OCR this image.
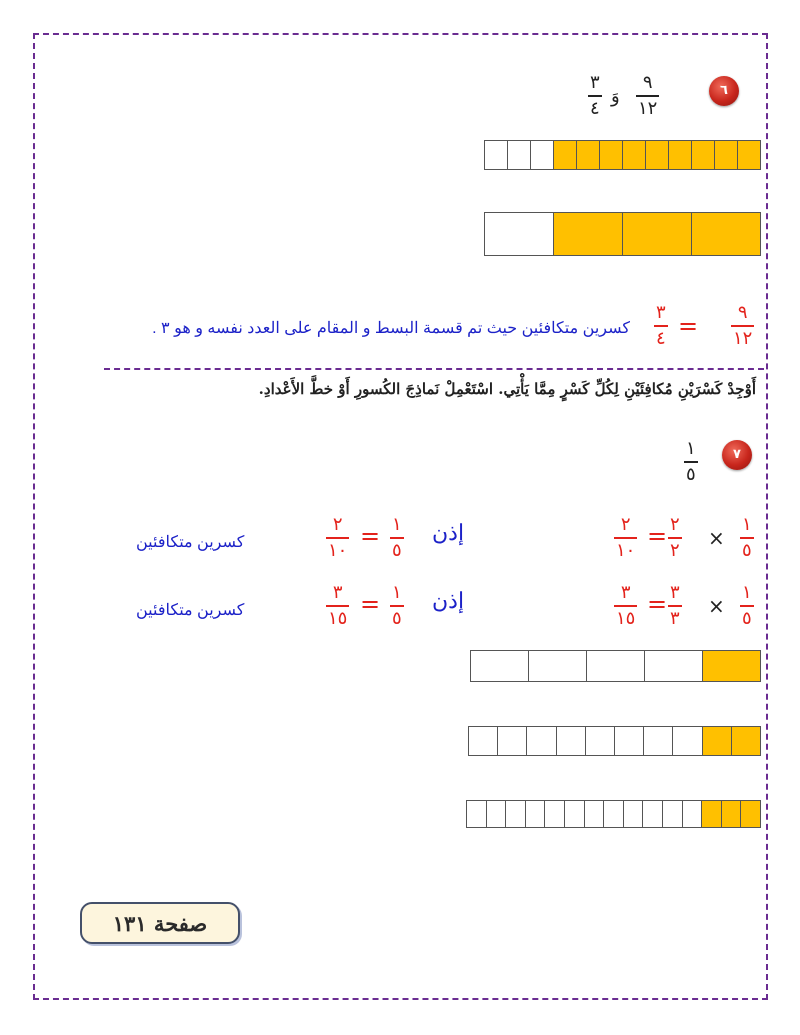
٦
٩
١٢
وَ
٣
٤
٩
١٢
=
٣
٤
كسرين متكافئين حيث تم قسمة البسط و المقام على العدد نفسه و هو ٣ .
أَوْجِدْ كَسْرَيْنِ مُكافِئَيْنِ لِكُلِّ كَسْرٍ مِمَّا يَأْتِي. اسْتَعْمِلْ نَماذِجَ الكُسورِ أَوْ خطَّ الأَعْدادِ.
٧
١
٥
١
٥
×
٢
٢
=
٢
١٠
إذن
١
٥
=
٢
١٠
كسرين متكافئين
١
٥
×
٣
٣
=
٣
١٥
إذن
١
٥
=
٣
١٥
كسرين متكافئين
صفحة ١٣١
